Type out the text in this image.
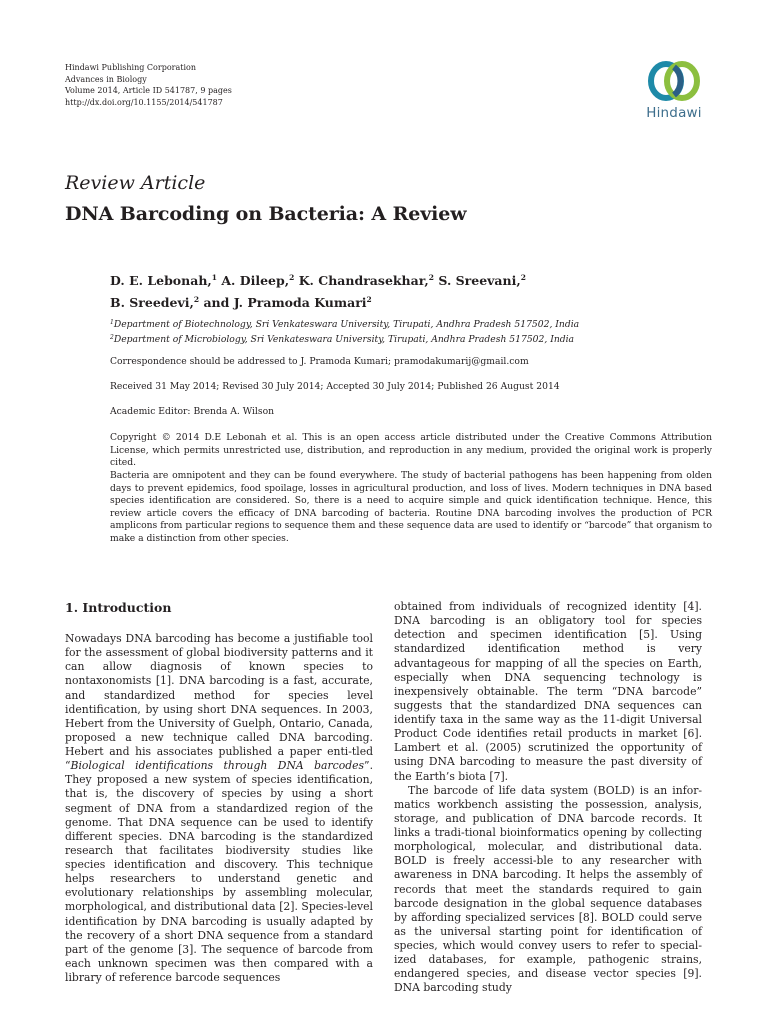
Hindawi Publishing Corporation
Advances in Biology
Volume 2014, Article ID 541787, 9 pages
http://dx.doi.org/10.1155/2014/541787
Hindawi
Review Article
DNA Barcoding on Bacteria: A Review
D. E. Lebonah,$^1$ A. Dileep,$^2$ K. Chandrasekhar,$^2$ S. Sreevani,$^2$
B. Sreedevi,$^2$ and J. Pramoda Kumari$^2$
$^1$Department of Biotechnology, Sri Venkateswara University, Tirupati, Andhra Pradesh 517502, India
$^2$Department of Microbiology, Sri Venkateswara University, Tirupati, Andhra Pradesh 517502, India
Correspondence should be addressed to J. Pramoda Kumari; pramodakumarij@gmail.com
Received 31 May 2014; Revised 30 July 2014; Accepted 30 July 2014; Published 26 August 2014
Academic Editor: Brenda A. Wilson
Copyright © 2014 D.E Lebonah et al. This is an open access article distributed under the Creative Commons Attribution License, which permits unrestricted use, distribution, and reproduction in any medium, provided the original work is properly cited.
Bacteria are omnipotent and they can be found everywhere. The study of bacterial pathogens has been happening from olden days to prevent epidemics, food spoilage, losses in agricultural production, and loss of lives. Modern techniques in DNA based species identification are considered. So, there is a need to acquire simple and quick identification technique. Hence, this review article covers the efficacy of DNA barcoding of bacteria. Routine DNA barcoding involves the production of PCR amplicons from particular regions to sequence them and these sequence data are used to identify or “barcode” that organism to make a distinction from other species.
1. Introduction

Nowadays DNA barcoding has become a justifiable tool for the assessment of global biodiversity patterns and it can allow diagnosis of known species to nontaxonomists [1]. DNA barcoding is a fast, accurate, and standardized method for species level identification, by using short DNA sequences. In 2003, Hebert from the University of Guelph, Ontario, Canada, proposed a new technique called DNA barcoding. Hebert and his associates published a paper enti-tled “Biological identifications through DNA barcodes”. They proposed a new system of species identification, that is, the discovery of species by using a short segment of DNA from a standardized region of the genome. That DNA sequence can be used to identify different species. DNA barcoding is the standardized research that facilitates biodiversity studies like species identification and discovery. This technique helps researchers to understand genetic and evolutionary relationships by assembling molecular, morphological, and distributional data [2]. Species-level identification by DNA barcoding is usually adapted by the recovery of a short DNA sequence from a standard part of the genome [3]. The sequence of barcode from each unknown specimen was then compared with a library of reference barcode sequences

obtained from individuals of recognized identity [4]. DNA barcoding is an obligatory tool for species detection and specimen identification [5]. Using standardized identification method is very advantageous for mapping of all the species on Earth, especially when DNA sequencing technology is inexpensively obtainable. The term “DNA barcode” suggests that the standardized DNA sequences can identify taxa in the same way as the 11-digit Universal Product Code identifies retail products in market [6]. Lambert et al. (2005) scrutinized the opportunity of using DNA barcoding to measure the past diversity of the Earth’s biota [7].

The barcode of life data system (BOLD) is an infor-matics workbench assisting the possession, analysis, storage, and publication of DNA barcode records. It links a tradi-tional bioinformatics opening by collecting morphological, molecular, and distributional data. BOLD is freely accessi-ble to any researcher with awareness in DNA barcoding. It helps the assembly of records that meet the standards required to gain barcode designation in the global sequence databases by affording specialized services [8]. BOLD could serve as the universal starting point for identification of species, which would convey users to refer to special-ized databases, for example, pathogenic strains, endangered species, and disease vector species [9]. DNA barcoding study
